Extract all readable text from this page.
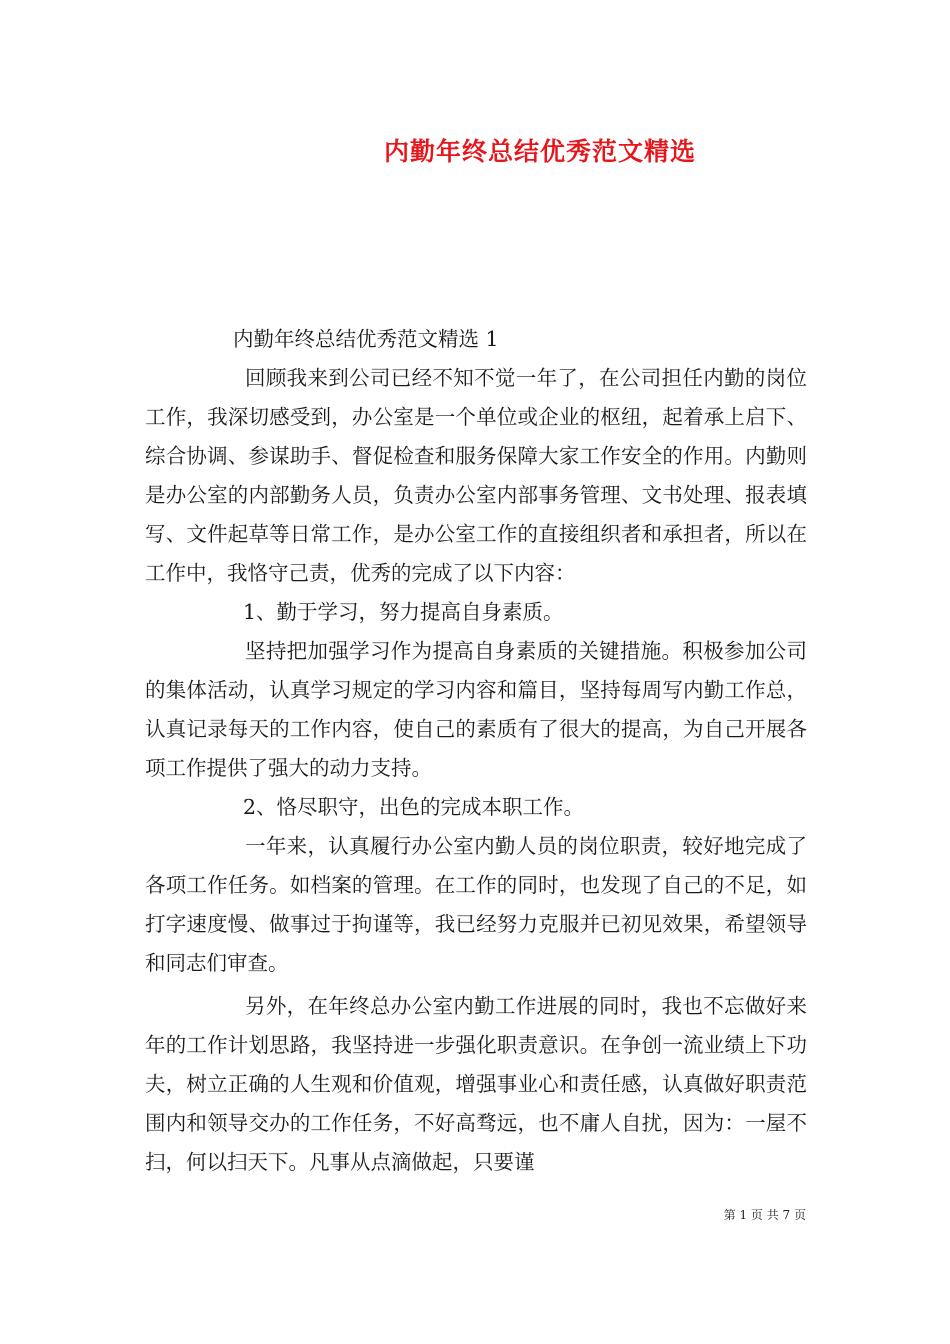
内勤年终总结优秀范文精选

内勤年终总结优秀范文精选 1

回顾我来到公司已经不知不觉一年了，在公司担任内勤的岗位工作，我深切感受到，办公室是一个单位或企业的枢纽，起着承上启下、综合协调、参谋助手、督促检查和服务保障大家工作安全的作用。内勤则是办公室的内部勤务人员，负责办公室内部事务管理、文书处理、报表填写、文件起草等日常工作，是办公室工作的直接组织者和承担者，所以在工作中，我恪守己责，优秀的完成了以下内容：

1、勤于学习，努力提高自身素质。

坚持把加强学习作为提高自身素质的关键措施。积极参加公司的集体活动，认真学习规定的学习内容和篇目，坚持每周写内勤工作总，认真记录每天的工作内容，使自己的素质有了很大的提高，为自己开展各项工作提供了强大的动力支持。

2、恪尽职守，出色的完成本职工作。

一年来，认真履行办公室内勤人员的岗位职责，较好地完成了各项工作任务。如档案的管理。在工作的同时，也发现了自己的不足，如打字速度慢、做事过于拘谨等，我已经努力克服并已初见效果，希望领导和同志们审查。

另外，在年终总办公室内勤工作进展的同时，我也不忘做好来年的工作计划思路，我坚持进一步强化职责意识。在争创一流业绩上下功夫，树立正确的人生观和价值观，增强事业心和责任感，认真做好职责范围内和领导交办的工作任务，不好高骛远，也不庸人自扰，因为：一屋不扫，何以扫天下。凡事从点滴做起，只要谨

第 1 页 共 7 页
